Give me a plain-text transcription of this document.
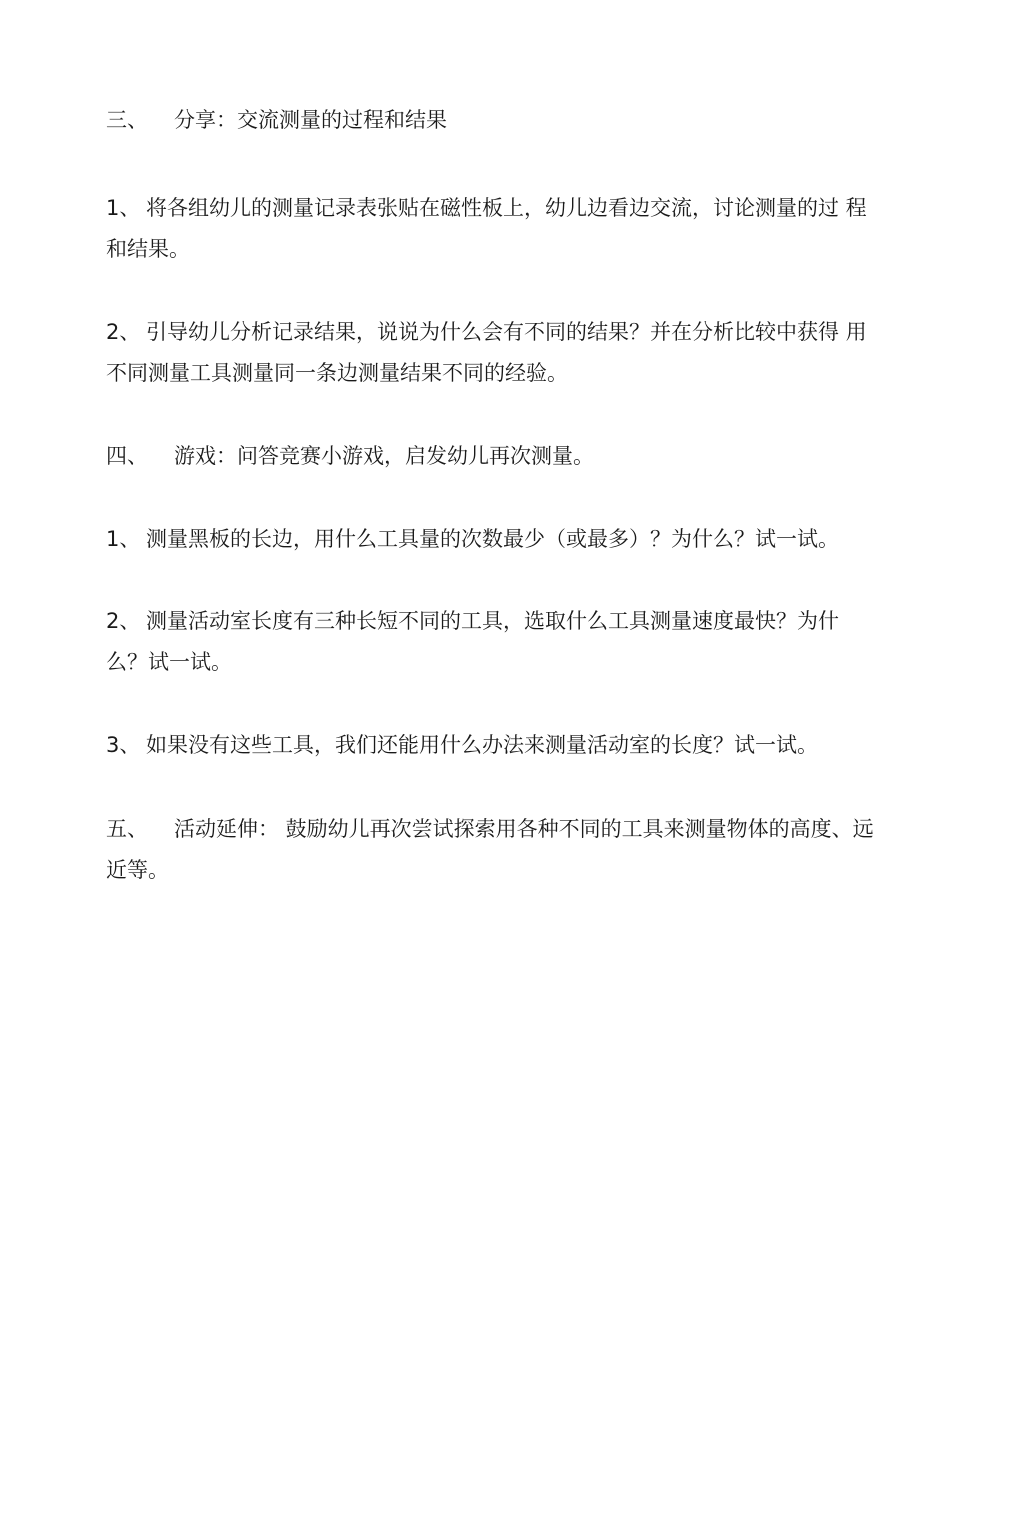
三、 分享：交流测量的过程和结果
1、 将各组幼儿的测量记录表张贴在磁性板上，幼儿边看边交流，讨论测量的过 程
和结果。
2、 引导幼儿分析记录结果，说说为什么会有不同的结果？并在分析比较中获得 用
不同测量工具测量同一条边测量结果不同的经验。
四、 游戏：问答竞赛小游戏，启发幼儿再次测量。
1、 测量黑板的长边，用什么工具量的次数最少（或最多）？为什么？试一试。
2、 测量活动室长度有三种长短不同的工具，选取什么工具测量速度最快？为什
么？试一试。
3、 如果没有这些工具，我们还能用什么办法来测量活动室的长度？试一试。
五、 活动延伸： 鼓励幼儿再次尝试探索用各种不同的工具来测量物体的高度、远
近等。
